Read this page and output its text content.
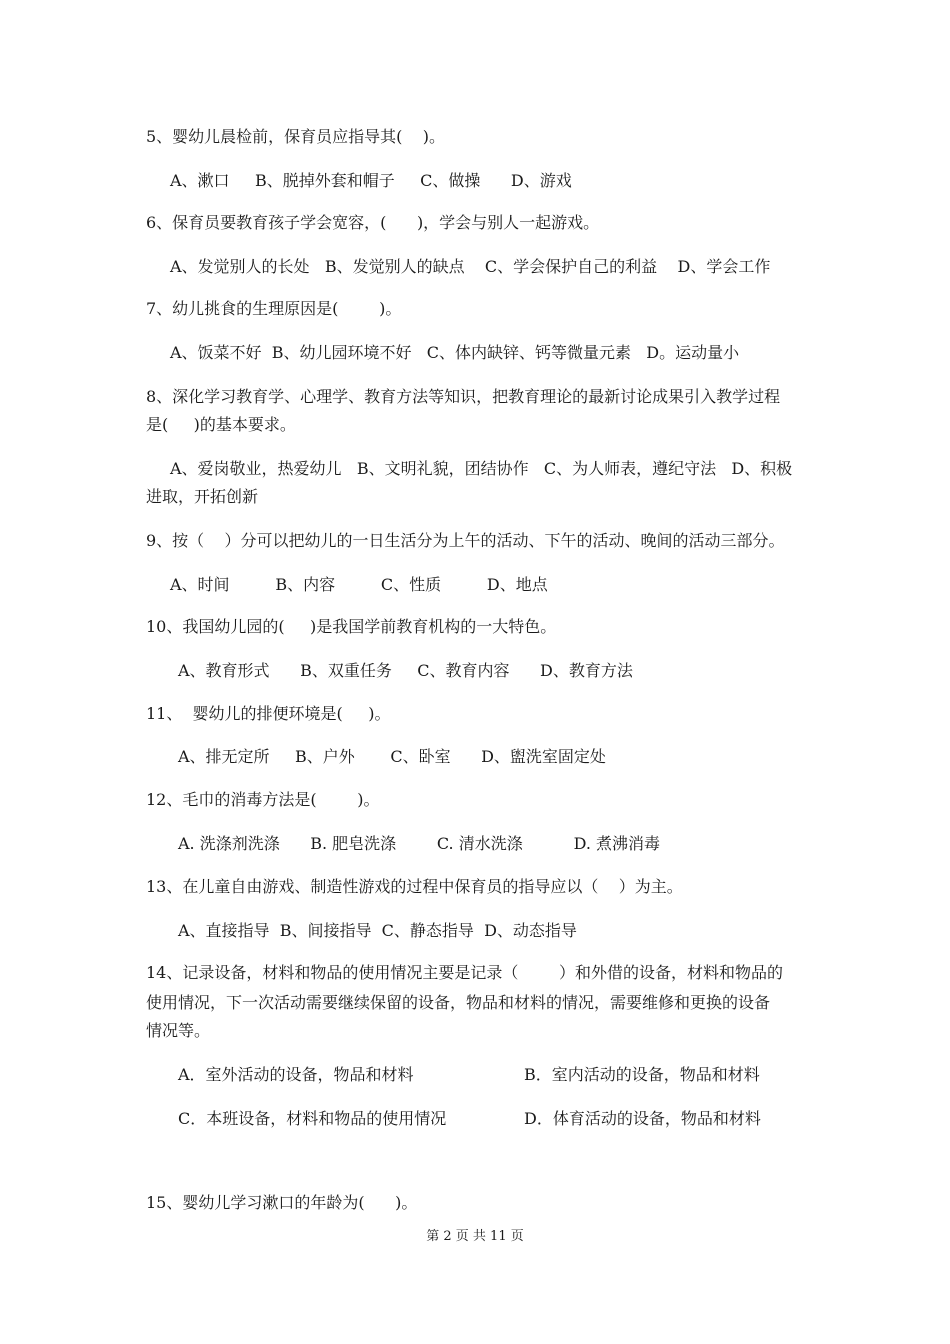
5、婴幼儿晨检前，保育员应指导其(    )。

A、漱口     B、脱掉外套和帽子     C、做操      D、游戏

6、保育员要教育孩子学会宽容，(      )，学会与别人一起游戏。

A、发觉别人的长处   B、发觉别人的缺点    C、学会保护自己的利益    D、学会工作

7、幼儿挑食的生理原因是(        )。

A、饭菜不好  B、幼儿园环境不好   C、体内缺锌、钙等微量元素   D。运动量小

8、深化学习教育学、心理学、教育方法等知识，把教育理论的最新讨论成果引入教学过程

是(     )的基本要求。

A、爱岗敬业，热爱幼儿   B、文明礼貌，团结协作   C、为人师表，遵纪守法   D、积极

进取，开拓创新

9、按（    ）分可以把幼儿的一日生活分为上午的活动、下午的活动、晚间的活动三部分。

A、时间         B、内容         C、性质         D、地点

10、我国幼儿园的(     )是我国学前教育机构的一大特色。

A、教育形式      B、双重任务     C、教育内容      D、教育方法

11、  婴幼儿的排便环境是(     )。

A、排无定所     B、户外       C、卧室      D、盥洗室固定处

12、毛巾的消毒方法是(        )。

A. 洗涤剂洗涤      B. 肥皂洗涤        C. 清水洗涤          D. 煮沸消毒

13、在儿童自由游戏、制造性游戏的过程中保育员的指导应以（    ）为主。

A、直接指导  B、间接指导  C、静态指导  D、动态指导

14、记录设备，材料和物品的使用情况主要是记录（        ）和外借的设备，材料和物品的

使用情况，下一次活动需要继续保留的设备，物品和材料的情况，需要维修和更换的设备

情况等。

A．室外活动的设备，物品和材料	B．室内活动的设备，物品和材料

C．本班设备，材料和物品的使用情况	D．体育活动的设备，物品和材料

15、婴幼儿学习漱口的年龄为(      )。

第 2 页 共 11 页
